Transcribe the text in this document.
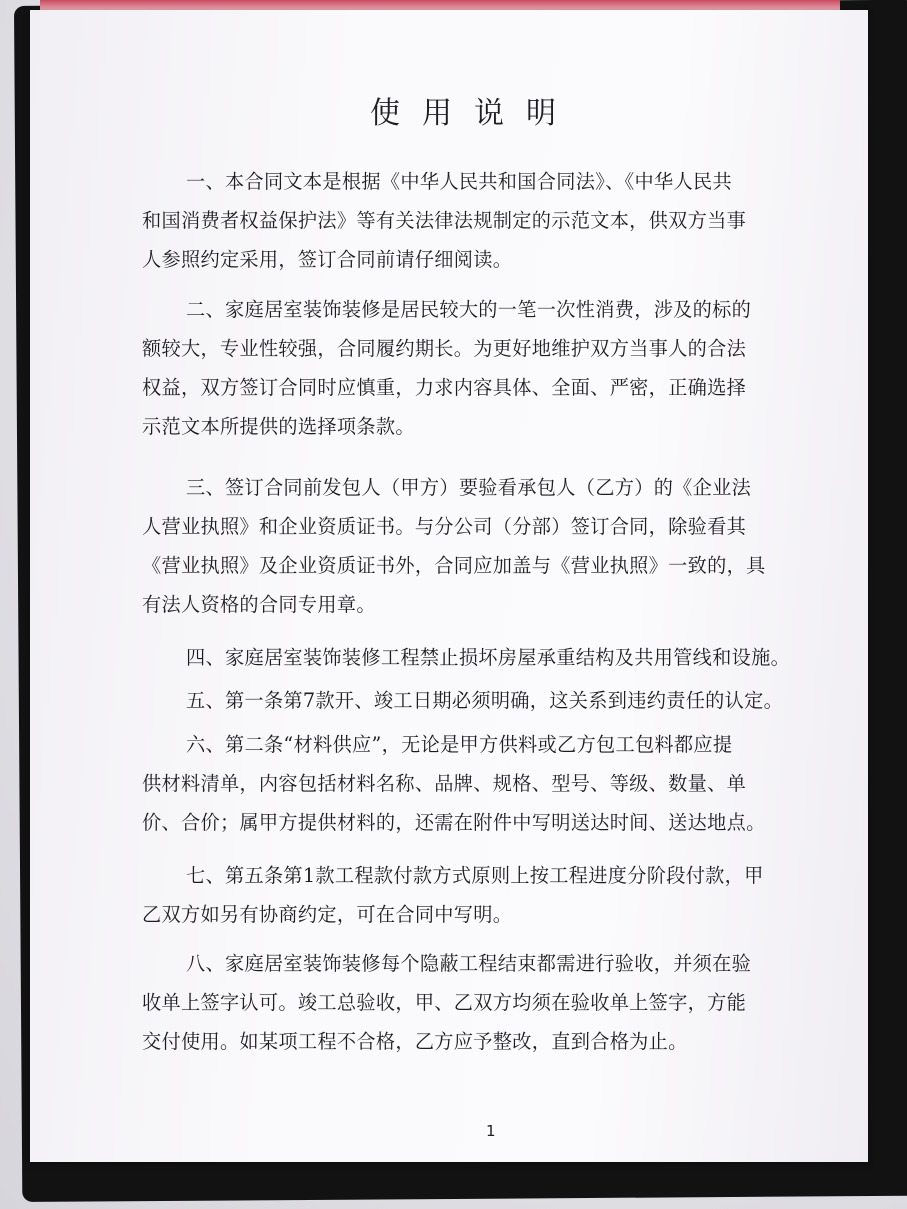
使用说明

一、本合同文本是根据《中华人民共和国合同法》、《中华人民共
和国消费者权益保护法》等有关法律法规制定的示范文本，供双方当事
人参照约定采用，签订合同前请仔细阅读。

二、家庭居室装饰装修是居民较大的一笔一次性消费，涉及的标的
额较大，专业性较强，合同履约期长。为更好地维护双方当事人的合法
权益，双方签订合同时应慎重，力求内容具体、全面、严密，正确选择
示范文本所提供的选择项条款。

三、签订合同前发包人（甲方）要验看承包人（乙方）的《企业法
人营业执照》和企业资质证书。与分公司（分部）签订合同，除验看其
《营业执照》及企业资质证书外，合同应加盖与《营业执照》一致的，具
有法人资格的合同专用章。

四、家庭居室装饰装修工程禁止损坏房屋承重结构及共用管线和设施。

五、第一条第7款开、竣工日期必须明确，这关系到违约责任的认定。

六、第二条“材料供应”，无论是甲方供料或乙方包工包料都应提
供材料清单，内容包括材料名称、品牌、规格、型号、等级、数量、单
价、合价；属甲方提供材料的，还需在附件中写明送达时间、送达地点。

七、第五条第1款工程款付款方式原则上按工程进度分阶段付款，甲
乙双方如另有协商约定，可在合同中写明。

八、家庭居室装饰装修每个隐蔽工程结束都需进行验收，并须在验
收单上签字认可。竣工总验收，甲、乙双方均须在验收单上签字，方能
交付使用。如某项工程不合格，乙方应予整改，直到合格为止。

1
